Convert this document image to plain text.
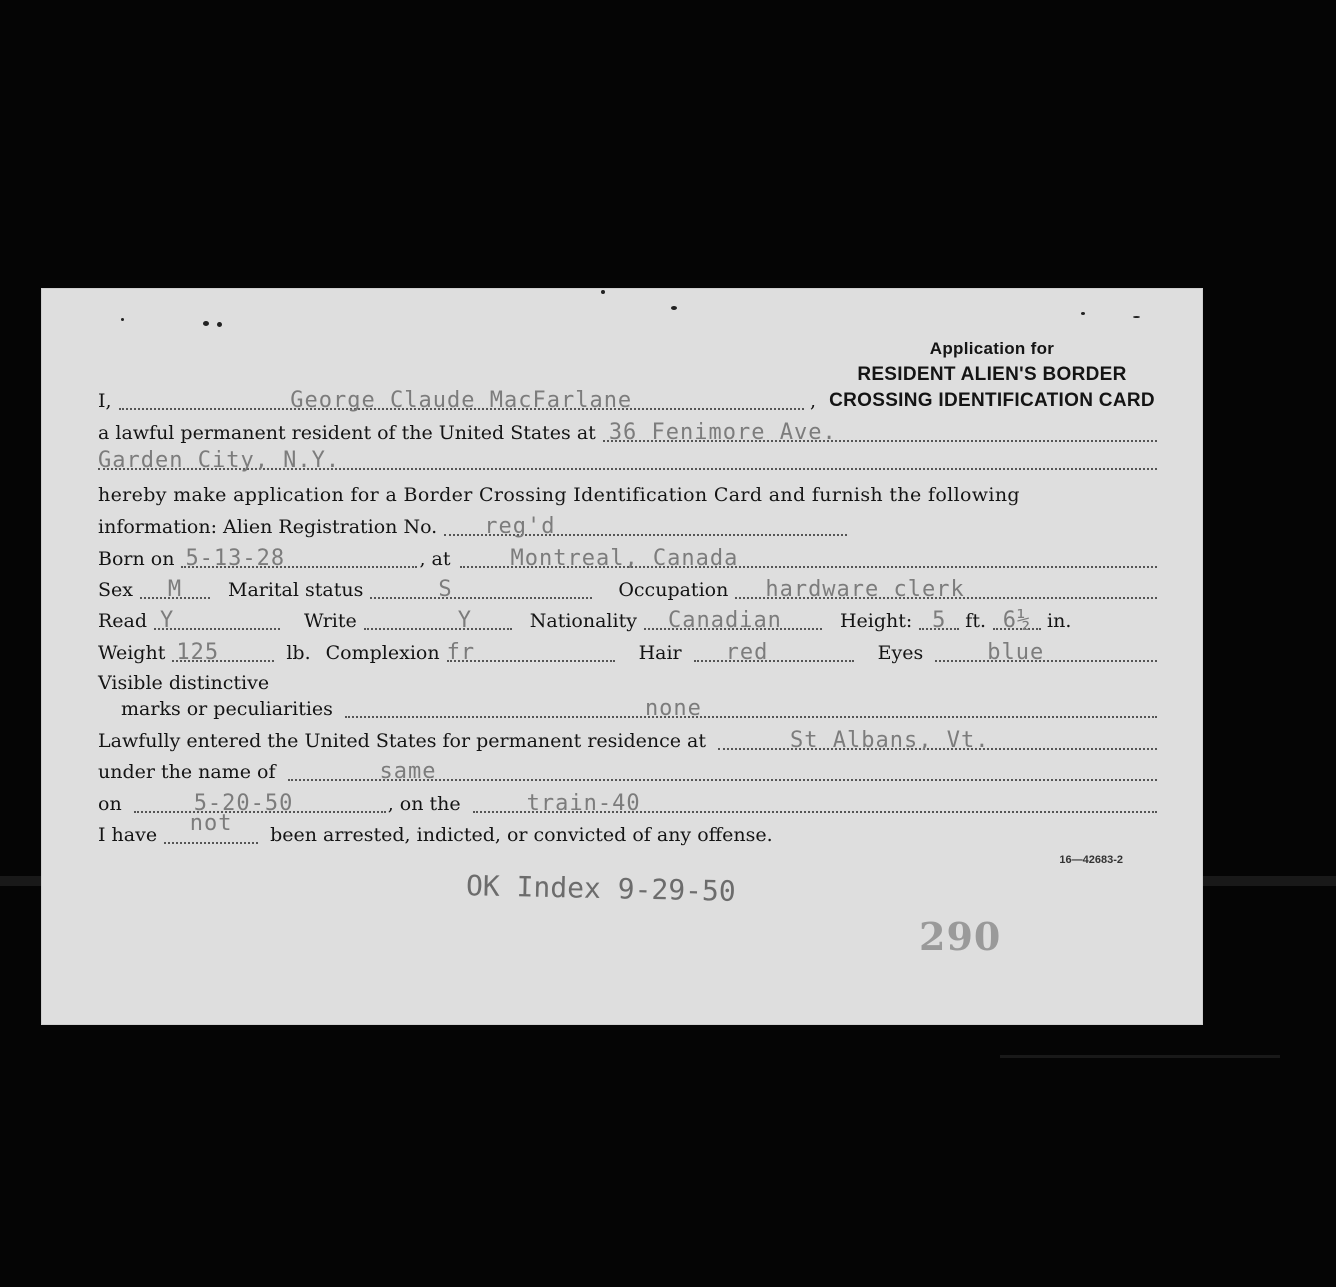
Application for
RESIDENT ALIEN'S BORDER
CROSSING IDENTIFICATION CARD
I,	George Claude MacFarlane	,
a lawful permanent resident of the United States at 36 Fenimore Ave.
Garden City, N.Y.
hereby make application for a Border Crossing Identification Card and furnish the following
information: Alien Registration No.	reg'd
Born on 5-13-28	, at	Montreal, Canada
Sex	M	Marital status	S	Occupation	hardware clerk
Read Y	Write	Y	Nationality	Canadian	Height: 5 ft. 6½ in.
Weight 125	lb. Complexion fr	Hair	red	Eyes	blue
Visible distinctive
marks or peculiarities	none
Lawfully entered the United States for permanent residence at	St Albans, Vt.
under the name of	same
on	5-20-50	, on the	train-40
I have	not	been arrested, indicted, or convicted of any offense.
16—42683-2
OK Index 9-29-50
290
